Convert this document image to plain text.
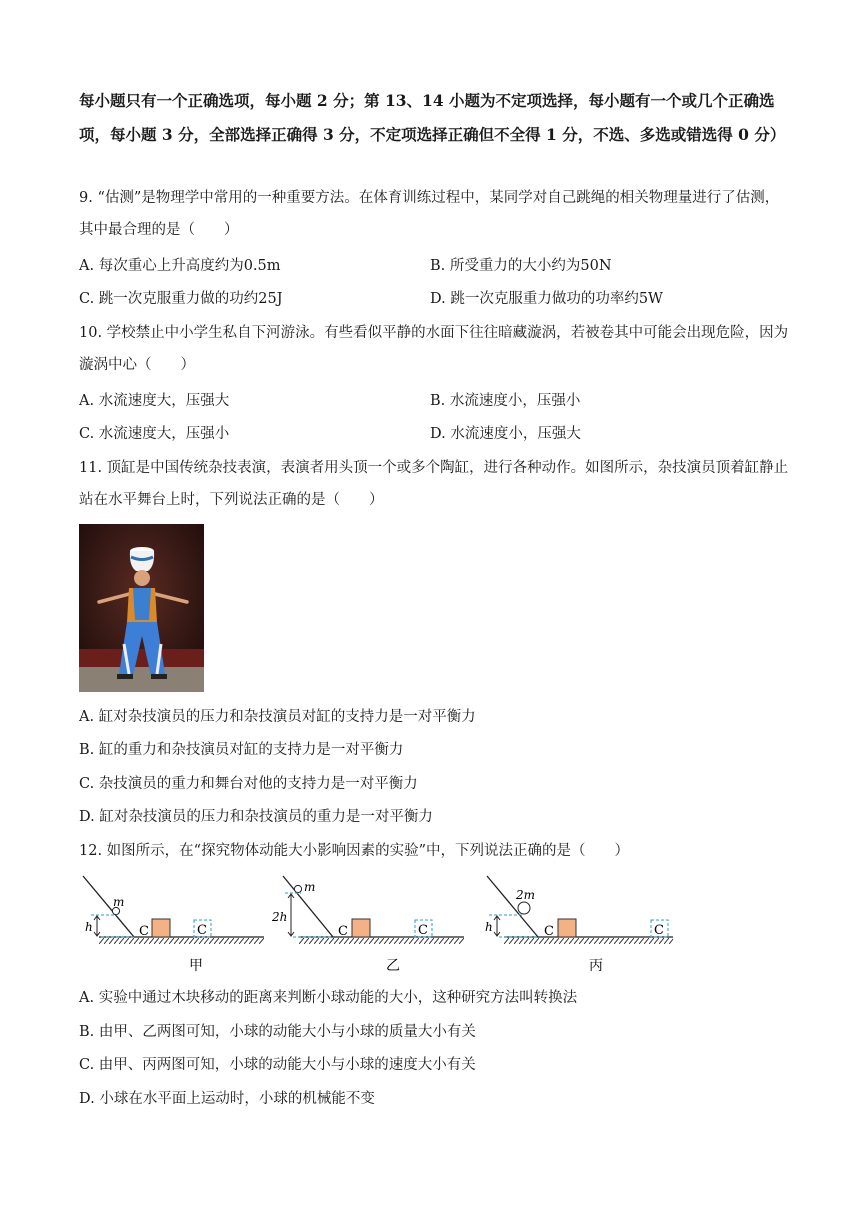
每小题只有一个正确选项，每小题 2 分；第 13、14 小题为不定项选择，每小题有一个或几个正确选项，每小题 3 分，全部选择正确得 3 分，不定项选择正确但不全得 1 分，不选、多选或错选得 0 分）
9. “估测”是物理学中常用的一种重要方法。在体育训练过程中，某同学对自己跳绳的相关物理量进行了估测，其中最合理的是（　　）
A. 每次重心上升高度约为0.5m	B. 所受重力的大小约为50N
C. 跳一次克服重力做的功约25J	D. 跳一次克服重力做功的功率约5W
10. 学校禁止中小学生私自下河游泳。有些看似平静的水面下往往暗藏漩涡，若被卷其中可能会出现危险，因为漩涡中心（　　）
A. 水流速度大，压强大	B. 水流速度小，压强小
C. 水流速度大，压强小	D. 水流速度小，压强大
11. 顶缸是中国传统杂技表演，表演者用头顶一个或多个陶缸，进行各种动作。如图所示，杂技演员顶着缸静止站在水平舞台上时，下列说法正确的是（　　）
A. 缸对杂技演员的压力和杂技演员对缸的支持力是一对平衡力
B. 缸的重力和杂技演员对缸的支持力是一对平衡力
C. 杂技演员的重力和舞台对他的支持力是一对平衡力
D. 缸对杂技演员的压力和杂技演员的重力是一对平衡力
12. 如图所示，在“探究物体动能大小影响因素的实验”中，下列说法正确的是（　　）
m
h	C	C
甲
m
2h
C	C
乙
2m
h	C	C
丙
A. 实验中通过木块移动的距离来判断小球动能的大小，这种研究方法叫转换法
B. 由甲、乙两图可知，小球的动能大小与小球的质量大小有关
C. 由甲、丙两图可知，小球的动能大小与小球的速度大小有关
D. 小球在水平面上运动时，小球的机械能不变
